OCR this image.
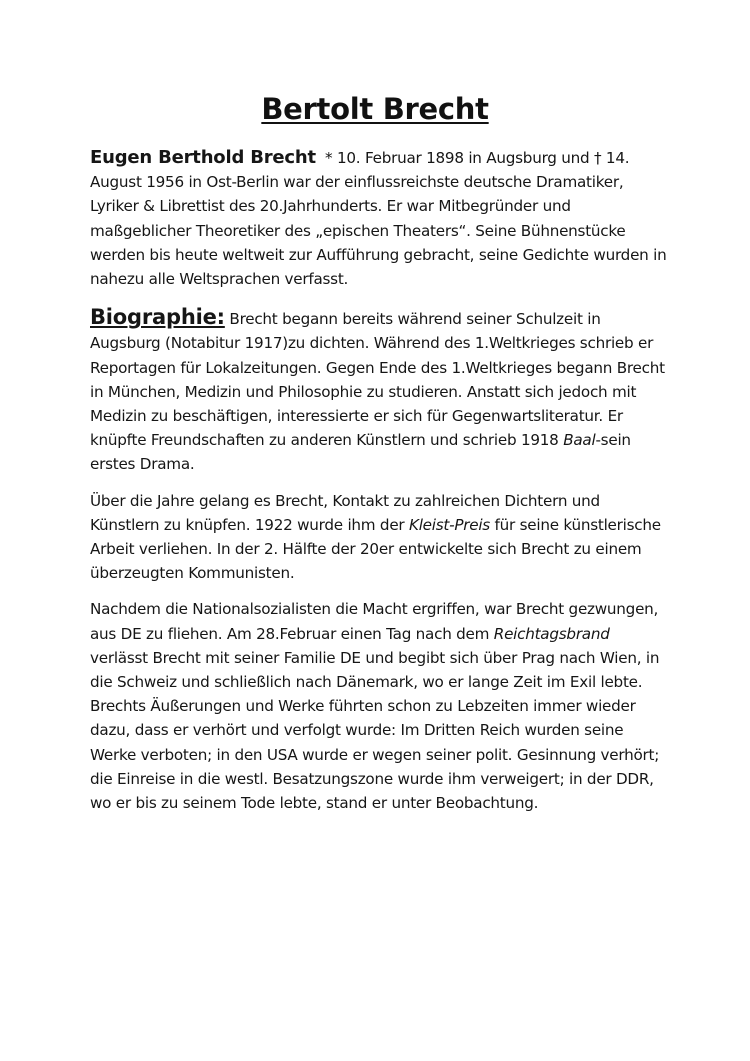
Bertolt Brecht

Eugen Berthold Brecht * 10. Februar 1898 in Augsburg und † 14. August 1956 in Ost-Berlin war der einflussreichste deutsche Dramatiker, Lyriker & Librettist des 20.Jahrhunderts. Er war Mitbegründer und maßgeblicher Theoretiker des „epischen Theaters“. Seine Bühnenstücke werden bis heute weltweit zur Aufführung gebracht, seine Gedichte wurden in nahezu alle Weltsprachen verfasst.

Biographie: Brecht begann bereits während seiner Schulzeit in Augsburg (Notabitur 1917)zu dichten. Während des 1.Weltkrieges schrieb er Reportagen für Lokalzeitungen. Gegen Ende des 1.Weltkrieges begann Brecht in München, Medizin und Philosophie zu studieren. Anstatt sich jedoch mit Medizin zu beschäftigen, interessierte er sich für Gegenwartsliteratur. Er knüpfte Freundschaften zu anderen Künstlern und schrieb 1918 Baal-sein erstes Drama.

Über die Jahre gelang es Brecht, Kontakt zu zahlreichen Dichtern und Künstlern zu knüpfen. 1922 wurde ihm der Kleist-Preis für seine künstlerische Arbeit verliehen. In der 2. Hälfte der 20er entwickelte sich Brecht zu einem überzeugten Kommunisten.

Nachdem die Nationalsozialisten die Macht ergriffen, war Brecht gezwungen, aus DE zu fliehen. Am 28.Februar einen Tag nach dem Reichtagsbrand verlässt Brecht mit seiner Familie DE und begibt sich über Prag nach Wien, in die Schweiz und schließlich nach Dänemark, wo er lange Zeit im Exil lebte. Brechts Äußerungen und Werke führten schon zu Lebzeiten immer wieder dazu, dass er verhört und verfolgt wurde: Im Dritten Reich wurden seine Werke verboten; in den USA wurde er wegen seiner polit. Gesinnung verhört; die Einreise in die westl. Besatzungszone wurde ihm verweigert; in der DDR, wo er bis zu seinem Tode lebte, stand er unter Beobachtung.
